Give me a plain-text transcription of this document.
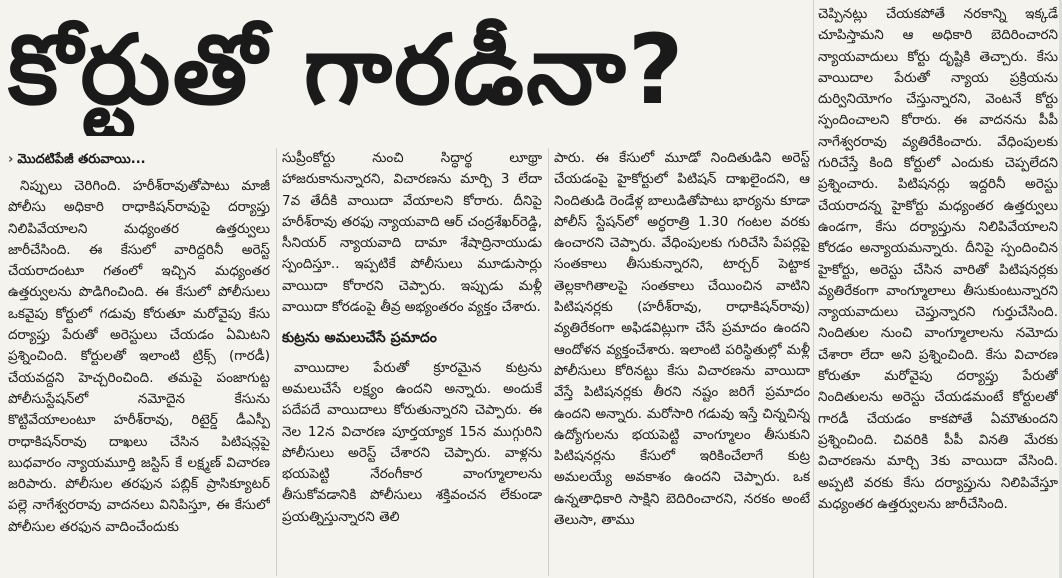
కోర్టుతో గారడీనా?
› మొదటిపేజీ తరువాయి...

నిప్పులు చెరిగింది. హరీశ్‌రావుతోపాటు మాజీ పోలీసు అధికారి రాధాకిషన్‌రావుపై దర్యాప్తు నిలిపివేయాలని మధ్యంతర ఉత్తర్వులు జారీచేసింది. ఈ కేసులో వారిద్దరినీ అరెస్ట్‌ చేయరాదంటూ గతంలో ఇచ్చిన మధ్యంతర ఉత్తర్వులను పొడిగించింది. ఈ కేసులో పోలీసులు ఒకవైపు కోర్టులో గడువు కోరుతూ మరోవైపు కేసు దర్యాప్తు పేరుతో అరెస్టులు చేయడం ఏమిటని ప్రశ్నించింది. కోర్టులతో ఇలాంటి ట్రిక్స్‌ (గారడీ) చేయవద్దని హెచ్చరించింది. తమపై పంజాగుట్ట పోలీసుస్టేషన్‌లో నమోదైన కేసును కొట్టివేయాలంటూ హరీశ్‌రావు, రిటైర్డ్‌ డీఎస్పీ రాధాకిషన్‌రావు దాఖలు చేసిన పిటిషన్లపై బుధవారం న్యాయమూర్తి జస్టిస్‌ కే లక్ష్మణ్‌ విచారణ జరిపారు. పోలీసుల తరఫున పబ్లిక్‌ ప్రాసిక్యూటర్‌ పల్లె నాగేశ్వరరావు వాదనలు వినిపిస్తూ, ఈ కేసులో పోలీసుల తరఫున వాదించేందుకు

సుప్రీంకోర్టు నుంచి సిద్ధార్థ లూథ్రా హాజరుకానున్నారని, విచారణను మార్చి 3 లేదా 7వ తేదీకి వాయిదా వేయాలని కోరారు. దీనిపై హరీశ్‌రావు తరఫు న్యాయవాది ఆర్‌ చంద్రశేఖర్‌రెడ్డి, సీనియర్‌ న్యాయవాది దామా శేషాద్రినాయుడు స్పందిస్తూ.. ఇప్పటికే పోలీసులు మూడుసార్లు వాయిదా కోరారని చెప్పారు. ఇప్పుడు మళ్లీ వాయిదా కోరడంపై తీవ్ర అభ్యంతరం వ్యక్తం చేశారు.

కుట్రను అమలుచేసే ప్రమాదం

వాయిదాల పేరుతో క్రూరమైన కుట్రను అమలుచేసే లక్ష్యం ఉందని అన్నారు. అందుకే పదేపదే వాయిదాలు కోరుతున్నారని చెప్పారు. ఈ నెల 12న విచారణ పూర్తయ్యాక 15న ముగ్గురిని పోలీసులు అరెస్ట్‌ చేశారని చెప్పారు. వాళ్లను భయపెట్టి నేరంగీకార వాంగ్మూలాలను తీసుకోవడానికి పోలీసులు శక్తివంచన లేకుండా ప్రయత్నిస్తున్నారని తెలి

పారు. ఈ కేసులో మూడో నిందితుడిని అరెస్ట్‌ చేయడంపై హైకోర్టులో పిటిషన్‌ దాఖలైందని, ఆ నిందితుడి రెండేళ్ల బాలుడితోపాటు భార్యను కూడా పోలీస్‌ స్టేషన్‌లో అర్ధరాత్రి 1.30 గంటల వరకు ఉంచారని చెప్పారు. వేధింపులకు గురిచేసి పేపర్లపై సంతకాలు తీసుకున్నారని, టార్చర్‌ పెట్టాక తెల్లకాగితాలపై సంతకాలు చేయించిన వాటిని పిటిషనర్లకు (హరీశ్‌రావు, రాధాకిషన్‌రావు) వ్యతిరేకంగా అఫిడవిట్లుగా చేసే ప్రమాదం ఉందని ఆందోళన వ్యక్తంచేశారు. ఇలాంటి పరిస్థితుల్లో మళ్లీ పోలీసులు కోరినట్టు కేసు విచారణను వాయిదా వేస్తే పిటిషనర్లకు తీరని నష్టం జరిగే ప్రమాదం ఉందని అన్నారు. మరోసారి గడువు ఇస్తే చిన్నచిన్న ఉద్యోగులను భయపెట్టి వాంగ్మూలం తీసుకుని పిటిషనర్లను కేసులో ఇరికించేలాగే కుట్ర అమలయ్యే అవకాశం ఉందని చెప్పారు. ఒక ఉన్నతాధికారి సాక్షిని బెదిరించారని, నరకం అంటే తెలుసా, తాము

చెప్పినట్లు చేయకపోతే నరకాన్ని ఇక్కడే చూపిస్తామని ఆ అధికారి బెదిరించారని న్యాయవాదులు కోర్టు దృష్టికి తెచ్చారు. కేసు వాయిదాల పేరుతో న్యాయ ప్రక్రియను దుర్వినియోగం చేస్తున్నారని, వెంటనే కోర్టు స్పందించాలని కోరారు. ఈ వాదనను పీపీ నాగేశ్వరరావు వ్యతిరేకించారు. వేధింపులకు గురిచేస్తే కింది కోర్టులో ఎందుకు చెప్పలేదని ప్రశ్నించారు. పిటిషనర్లు ఇద్దరినీ అరెస్టు చేయరాదన్న హైకోర్టు మధ్యంతర ఉత్తర్వులు ఉండగా, కేసు దర్యాప్తును నిలిపివేయాలని కోరడం అన్యాయమన్నారు. దీనిపై స్పందించిన హైకోర్టు, అరెస్టు చేసిన వారితో పిటిషనర్లకు వ్యతిరేకంగా వాంగ్మూలాలు తీసుకుంటున్నారని న్యాయవాదులు చెప్తున్నారని గుర్తుచేసింది. నిందితుల నుంచి వాంగ్మూలాలను నమోదు చేశారా లేదా అని ప్రశ్నించింది. కేసు విచారణ కోరుతూ మరోవైపు దర్యాప్తు పేరుతో నిందితులను అరెస్టు చేయడమంటే కోర్టులతో గారడీ చేయడం కాకపోతే ఏమౌతుందని ప్రశ్నించింది. చివరికి పీపీ వినతి మేరకు విచారణను మార్చి 3కు వాయిదా వేసింది. అప్పటి వరకు కేసు దర్యాప్తును నిలిపివేస్తూ మధ్యంతర ఉత్తర్వులను జారీచేసింది.
